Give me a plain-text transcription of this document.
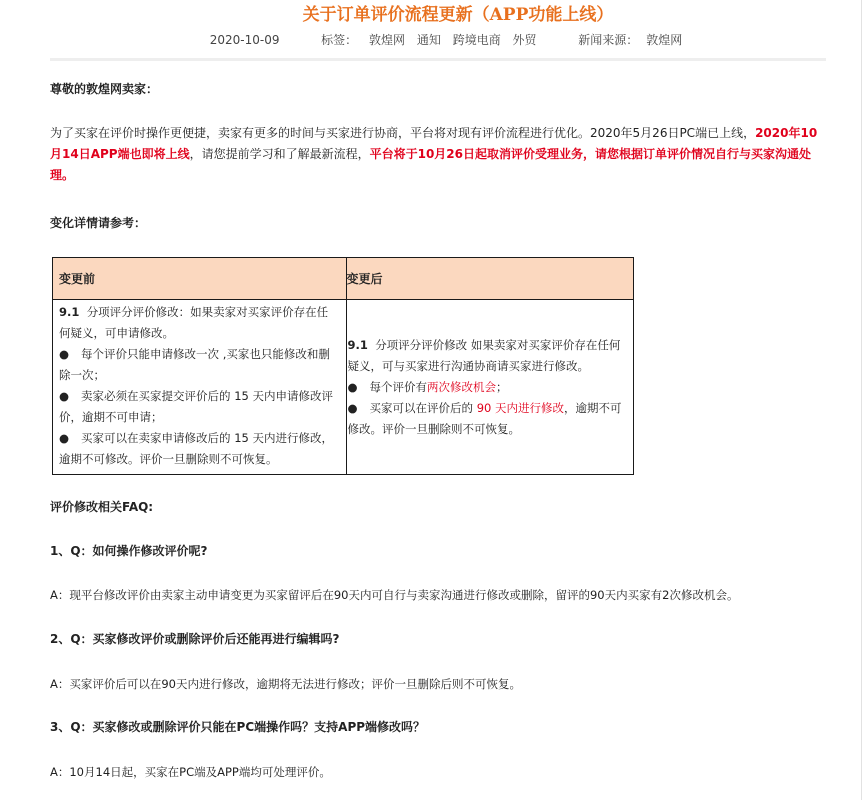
关于订单评价流程更新（APP功能上线）
2020-10-09	标签： 敦煌网 通知 跨境电商 外贸	新闻来源： 敦煌网
尊敬的敦煌网卖家：
为了买家在评价时操作更便捷，卖家有更多的时间与买家进行协商，平台将对现有评价流程进行优化。2020年5月26日PC端已上线，2020年10月14日APP端也即将上线，请您提前学习和了解最新流程，平台将于10月26日起取消评价受理业务，请您根据订单评价情况自行与买家沟通处理。
变化详情请参考：
变更前	变更后
9.1 分项评分评价修改：如果卖家对买家评价存在任何疑义，可申请修改。
● 每个评价只能申请修改一次 ,买家也只能修改和删除一次；
● 卖家必须在买家提交评价后的 15 天内申请修改评价，逾期不可申请；
● 买家可以在卖家申请修改后的 15 天内进行修改，逾期不可修改。评价一旦删除则不可恢复。	9.1 分项评分评价修改 如果卖家对买家评价存在任何疑义，可与买家进行沟通协商请买家进行修改。
● 每个评价有两次修改机会；
● 买家可以在评价后的 90 天内进行修改，逾期不可修改。评价一旦删除则不可恢复。
评价修改相关FAQ:
1、Q：如何操作修改评价呢?
A：现平台修改评价由卖家主动申请变更为买家留评后在90天内可自行与卖家沟通进行修改或删除，留评的90天内买家有2次修改机会。
2、Q：买家修改评价或删除评价后还能再进行编辑吗?
A：买家评价后可以在90天内进行修改，逾期将无法进行修改；评价一旦删除后则不可恢复。
3、Q：买家修改或删除评价只能在PC端操作吗？支持APP端修改吗？
A：10月14日起，买家在PC端及APP端均可处理评价。
